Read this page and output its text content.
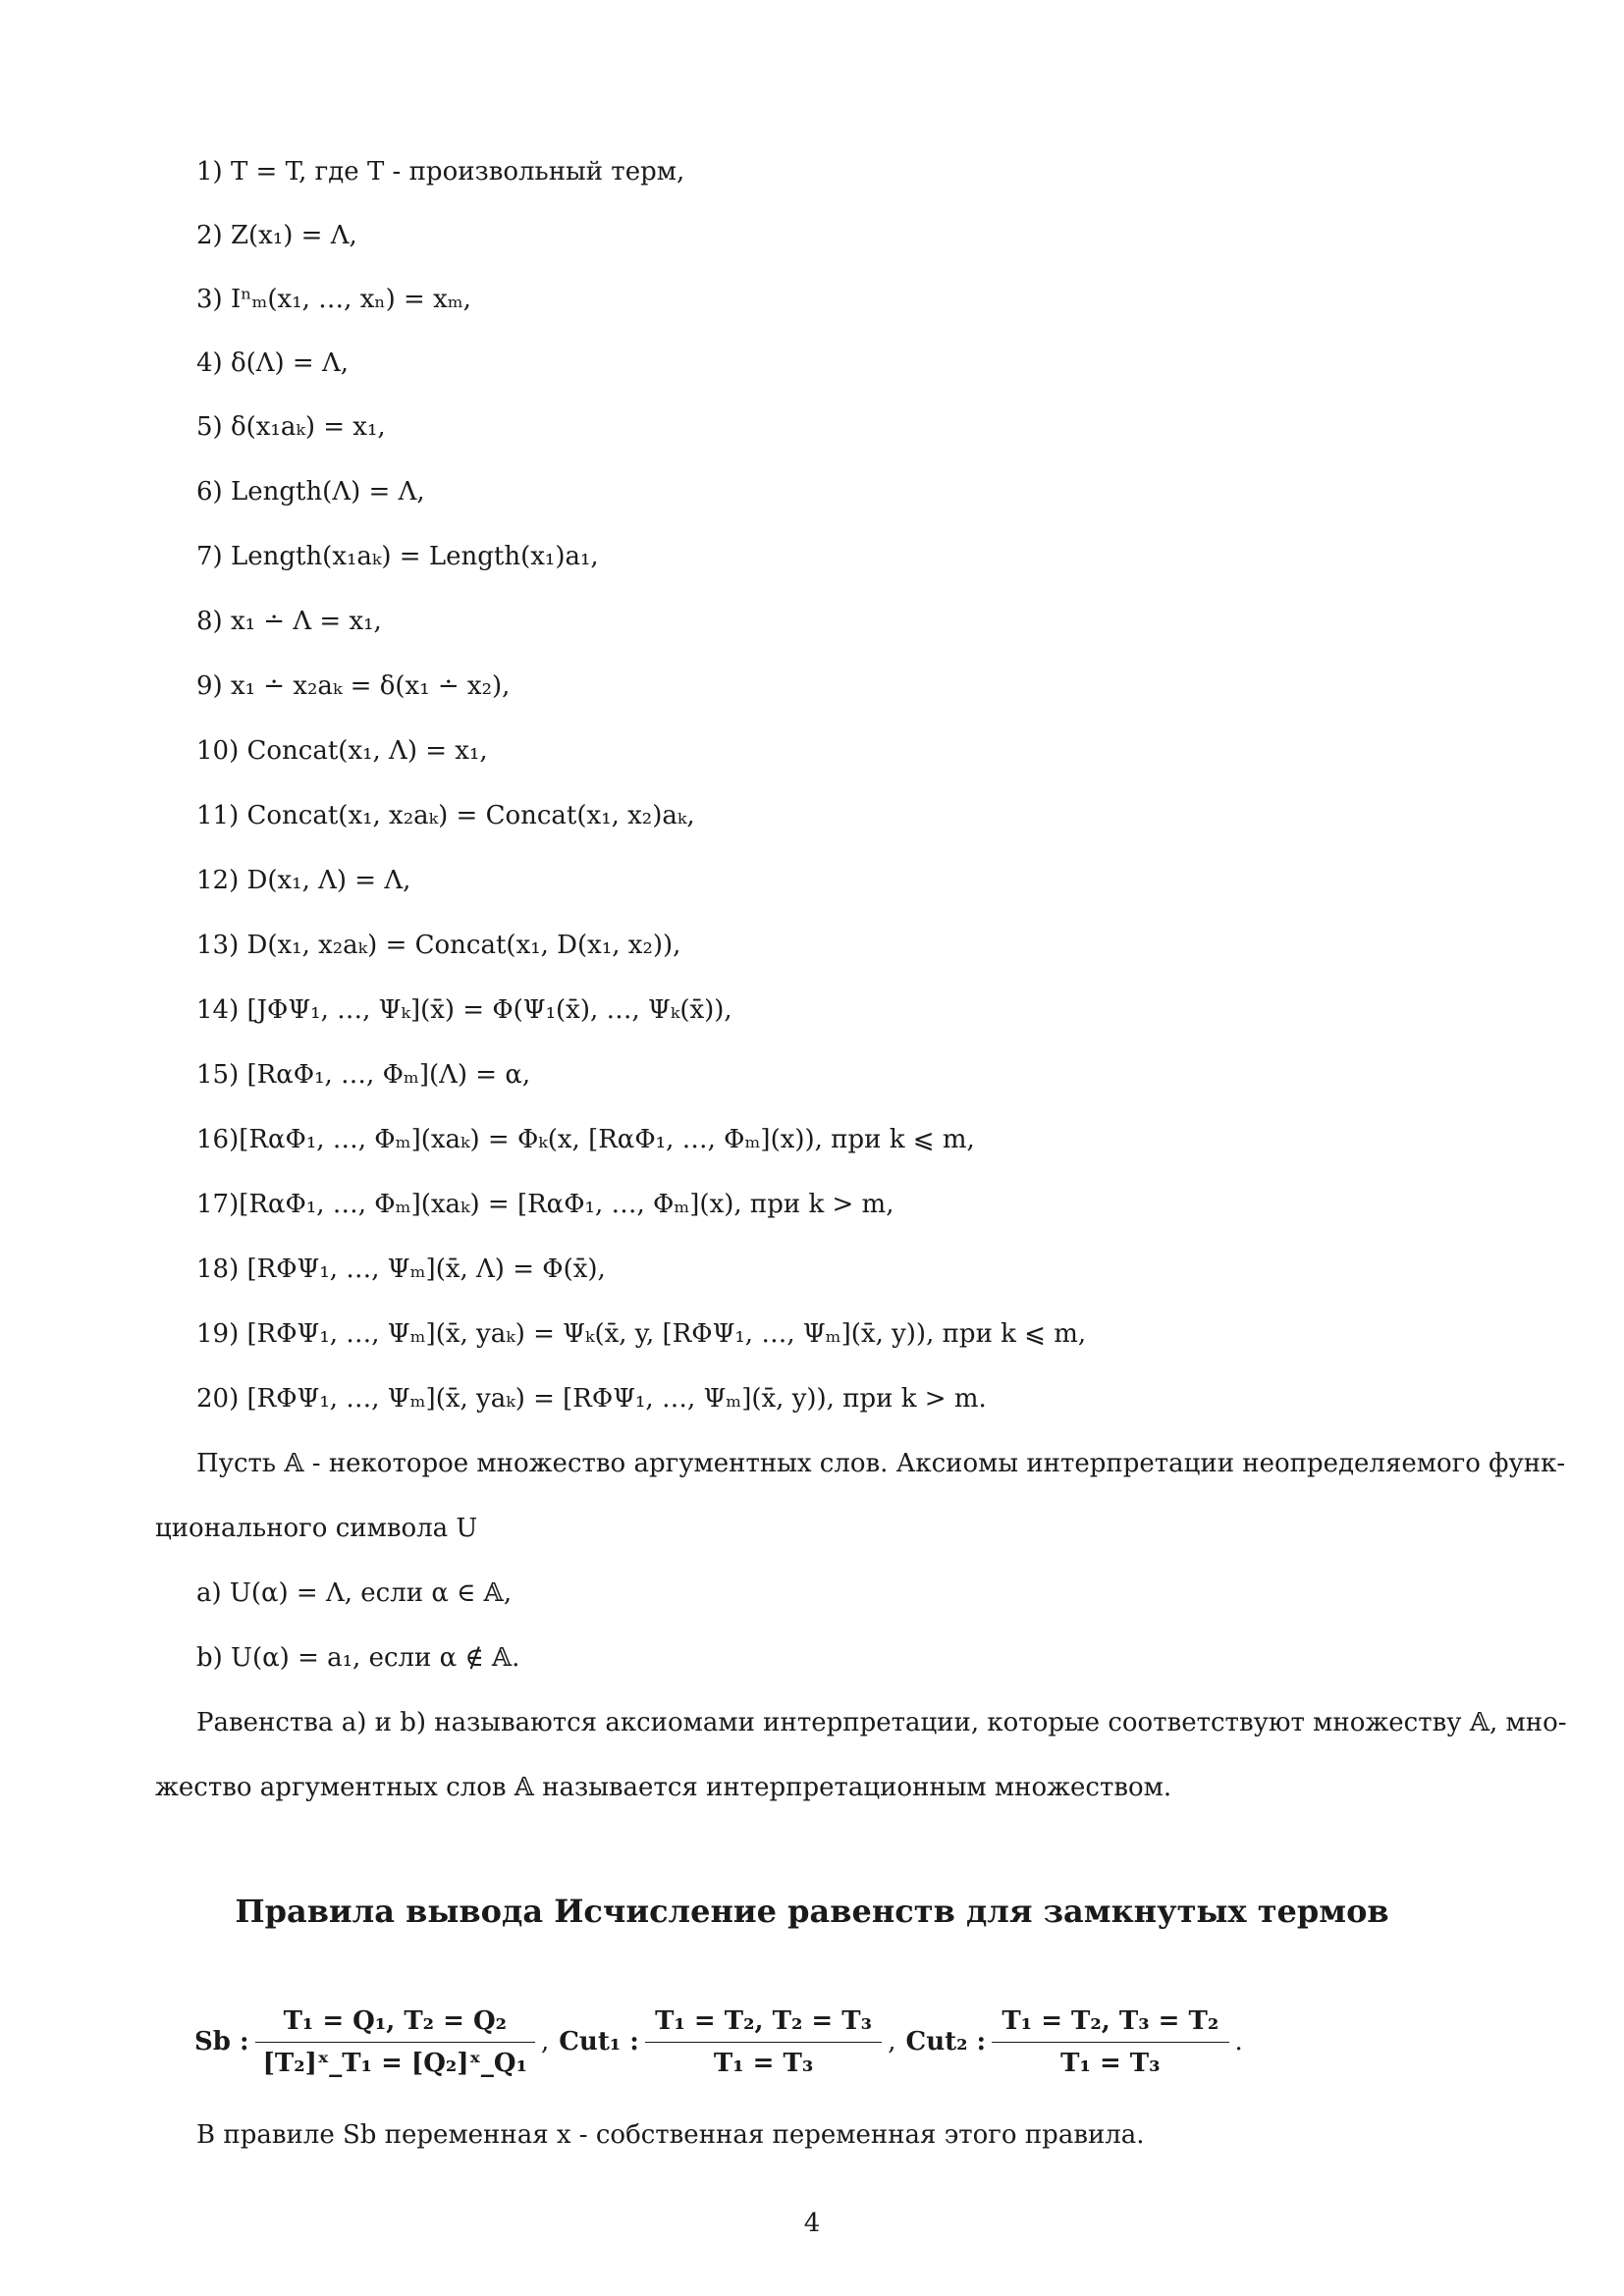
1) T = T, где T - произвольный терм,
2) Z(x₁) = Λ,
3) Iⁿₘ(x₁, …, xₙ) = xₘ,
4) δ(Λ) = Λ,
5) δ(x₁aₖ) = x₁,
6) Length(Λ) = Λ,
7) Length(x₁aₖ) = Length(x₁)a₁,
8) x₁ ∸ Λ = x₁,
9) x₁ ∸ x₂aₖ = δ(x₁ ∸ x₂),
10) Concat(x₁, Λ) = x₁,
11) Concat(x₁, x₂aₖ) = Concat(x₁, x₂)aₖ,
12) D(x₁, Λ) = Λ,
13) D(x₁, x₂aₖ) = Concat(x₁, D(x₁, x₂)),
14) [JΦΨ₁, …, Ψₖ](x̄) = Φ(Ψ₁(x̄), …, Ψₖ(x̄)),
15) [RαΦ₁, …, Φₘ](Λ) = α,
16)[RαΦ₁, …, Φₘ](xaₖ) = Φₖ(x, [RαΦ₁, …, Φₘ](x)), при k ⩽ m,
17)[RαΦ₁, …, Φₘ](xaₖ) = [RαΦ₁, …, Φₘ](x), при k > m,
18) [RΦΨ₁, …, Ψₘ](x̄, Λ) = Φ(x̄),
19) [RΦΨ₁, …, Ψₘ](x̄, yaₖ) = Ψₖ(x̄, y, [RΦΨ₁, …, Ψₘ](x̄, y)), при k ⩽ m,
20) [RΦΨ₁, …, Ψₘ](x̄, yaₖ) = [RΦΨ₁, …, Ψₘ](x̄, y)), при k > m.
Пусть 𝔸 - некоторое множество аргументных слов. Аксиомы интерпретации неопределяемого функ-
ционального символа U
a) U(α) = Λ, если α ∈ 𝔸,
b) U(α) = a₁, если α ∉ 𝔸.
Равенства a) и b) называются аксиомами интерпретации, которые соответствуют множеству 𝔸, мно-
жество аргументных слов 𝔸 называется интерпретационным множеством.
Правила вывода Исчисление равенств для замкнутых термов
Sb : $\frac{\text{T₁ = Q₁, T₂ = Q₂}}{\text{[T₂]ˣ\_T₁ = [Q₂]ˣ\_Q₁}}$ , Cut₁ : $\frac{\text{T₁ = T₂, T₂ = T₃}}{\text{T₁ = T₃}}$ , Cut₂ : $\frac{\text{T₁ = T₂, T₃ = T₂}}{\text{T₁ = T₃}}$ .
В правиле Sb переменная x - собственная переменная этого правила.
4
